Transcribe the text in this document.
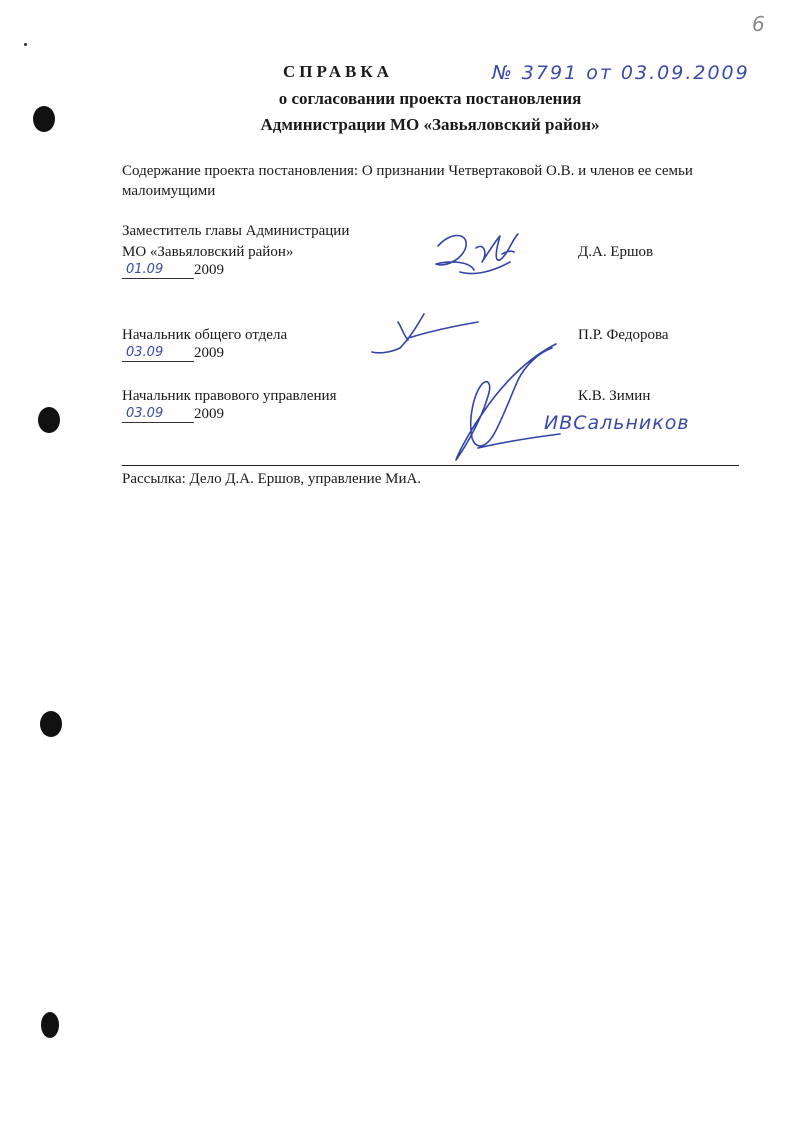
6
СПРАВКА	№ 3791 от 03.09.2009
о согласовании проекта постановления
Администрации МО «Завьяловский район»
Содержание проекта постановления: О признании Четвертаковой О.В. и членов ее семьи малоимущими
Заместитель главы Администрации
МО «Завьяловский район»
01.09 2009
Д.А. Ершов
Начальник общего отдела
03.09 2009
П.Р. Федорова
Начальник правового управления
03.09 2009
К.В. Зимин
ИВСальников
Рассылка: Дело Д.А. Ершов, управление МиА.
